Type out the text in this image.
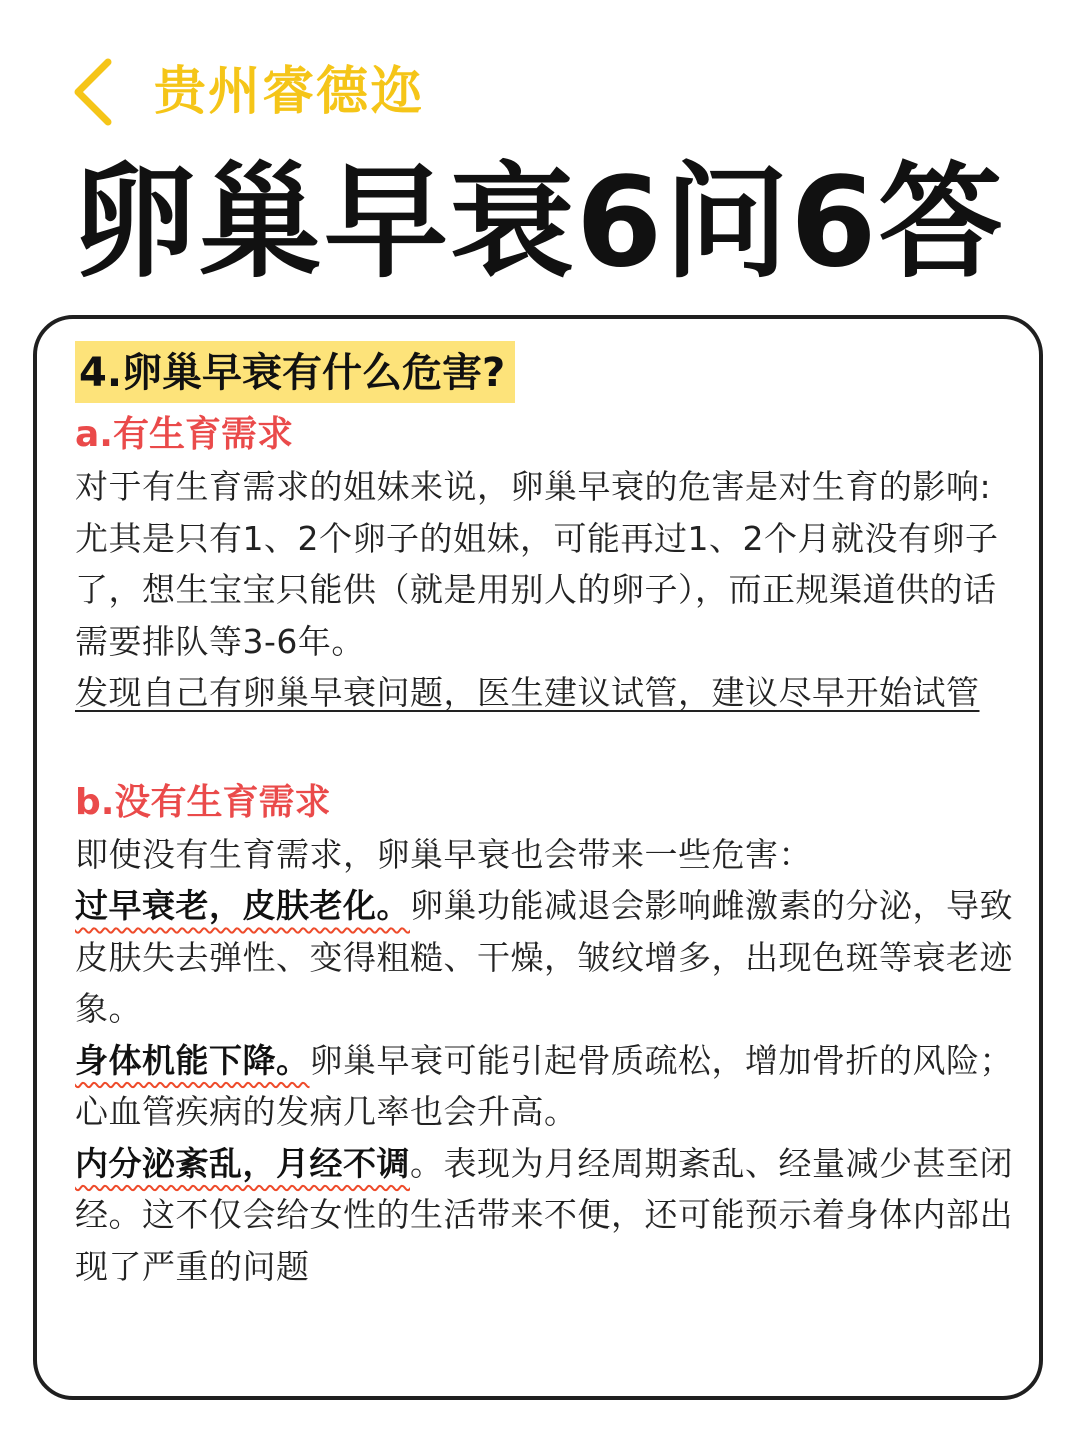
贵州睿德迩
卵巢早衰6问6答
4.卵巢早衰有什么危害?
a.有生育需求

对于有生育需求的姐妹来说，卵巢早衰的危害是对生育的影响:

尤其是只有1、2个卵子的姐妹，可能再过1、2个月就没有卵子了，想生宝宝只能供（就是用别人的卵子），而正规渠道供的话需要排队等3-6年。

发现自己有卵巢早衰问题，医生建议试管，建议尽早开始试管

b.没有生育需求

即使没有生育需求，卵巢早衰也会带来一些危害：

过早衰老，皮肤老化。卵巢功能减退会影响雌激素的分泌，导致皮肤失去弹性、变得粗糙、干燥，皱纹增多，出现色斑等衰老迹象。

身体机能下降。卵巢早衰可能引起骨质疏松，增加骨折的风险；心血管疾病的发病几率也会升高。

内分泌紊乱，月经不调。表现为月经周期紊乱、经量减少甚至闭经。这不仅会给女性的生活带来不便，还可能预示着身体内部出现了严重的问题
